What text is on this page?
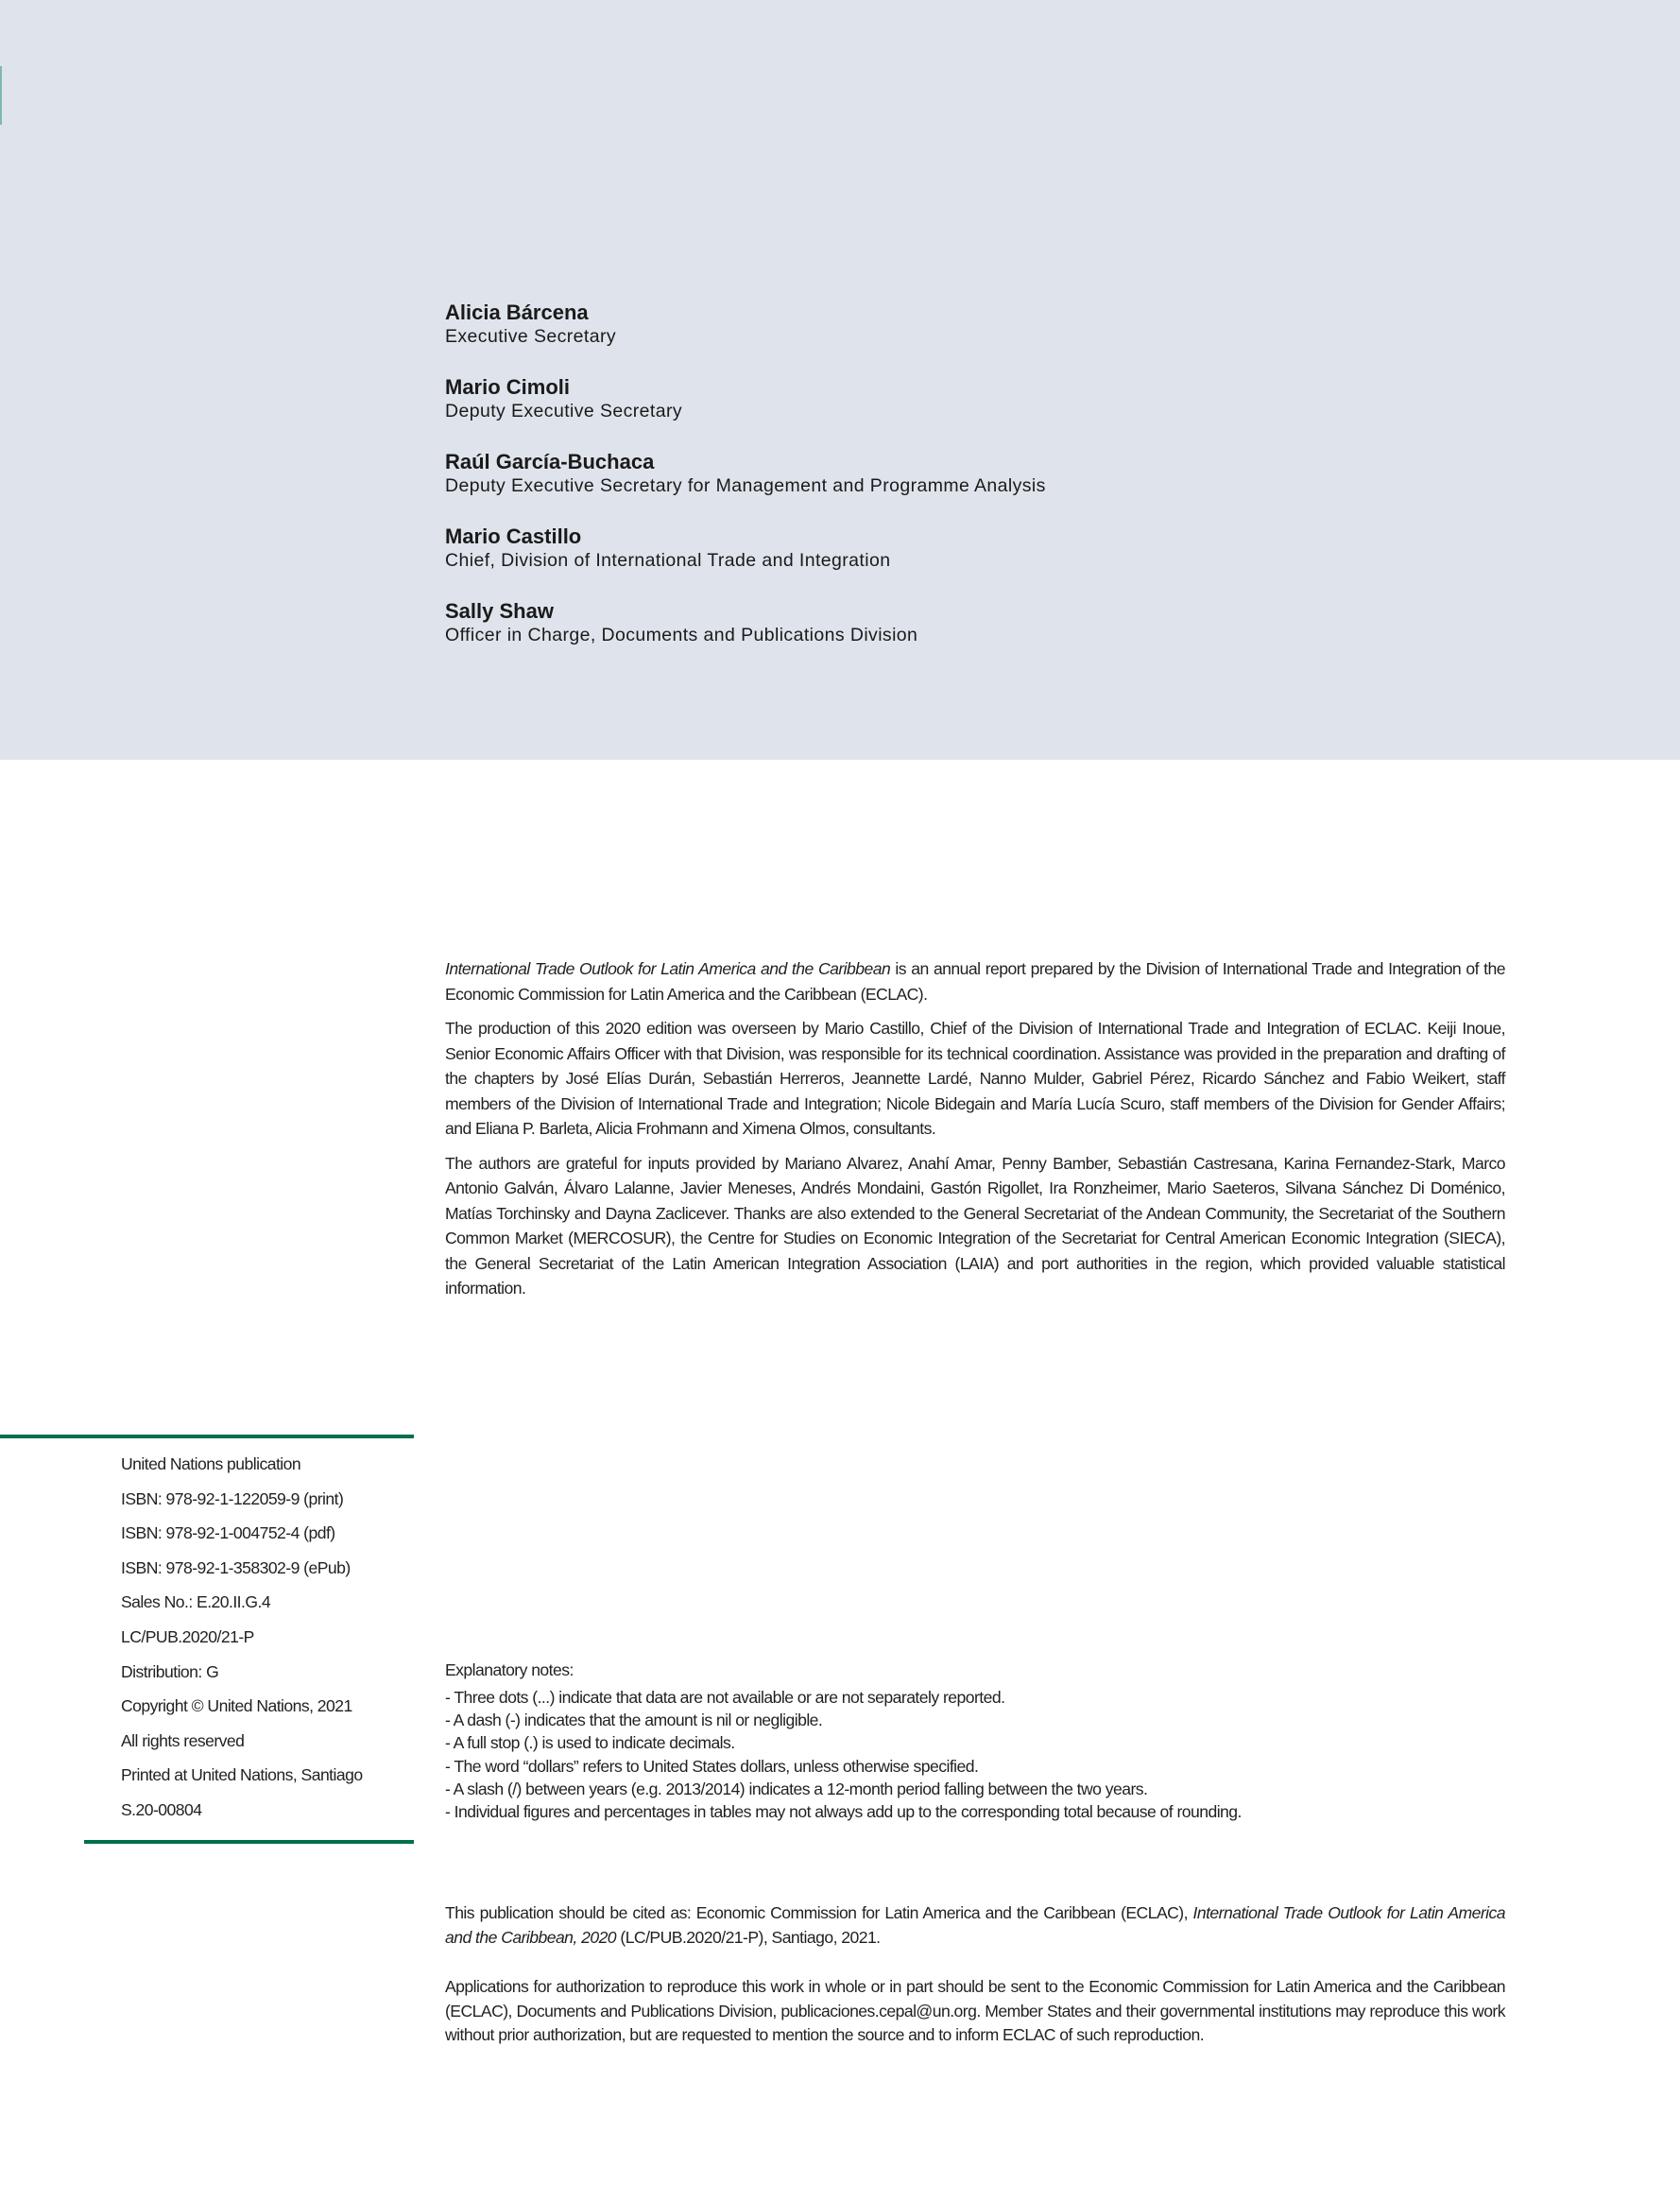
Alicia Bárcena
Executive Secretary
Mario Cimoli
Deputy Executive Secretary
Raúl García-Buchaca
Deputy Executive Secretary for Management and Programme Analysis
Mario Castillo
Chief, Division of International Trade and Integration
Sally Shaw
Officer in Charge, Documents and Publications Division

International Trade Outlook for Latin America and the Caribbean is an annual report prepared by the Division of International Trade and Integration of the Economic Commission for Latin America and the Caribbean (ECLAC).

The production of this 2020 edition was overseen by Mario Castillo, Chief of the Division of International Trade and Integration of ECLAC. Keiji Inoue, Senior Economic Affairs Officer with that Division, was responsible for its technical coordination. Assistance was provided in the preparation and drafting of the chapters by José Elías Durán, Sebastián Herreros, Jeannette Lardé, Nanno Mulder, Gabriel Pérez, Ricardo Sánchez and Fabio Weikert, staff members of the Division of International Trade and Integration; Nicole Bidegain and María Lucía Scuro, staff members of the Division for Gender Affairs; and Eliana P. Barleta, Alicia Frohmann and Ximena Olmos, consultants.

The authors are grateful for inputs provided by Mariano Alvarez, Anahí Amar, Penny Bamber, Sebastián Castresana, Karina Fernandez-Stark, Marco Antonio Galván, Álvaro Lalanne, Javier Meneses, Andrés Mondaini, Gastón Rigollet, Ira Ronzheimer, Mario Saeteros, Silvana Sánchez Di Doménico, Matías Torchinsky and Dayna Zaclicever. Thanks are also extended to the General Secretariat of the Andean Community, the Secretariat of the Southern Common Market (MERCOSUR), the Centre for Studies on Economic Integration of the Secretariat for Central American Economic Integration (SIECA), the General Secretariat of the Latin American Integration Association (LAIA) and port authorities in the region, which provided valuable statistical information.

United Nations publication
ISBN: 978-92-1-122059-9 (print)
ISBN: 978-92-1-004752-4 (pdf)
ISBN: 978-92-1-358302-9 (ePub)
Sales No.: E.20.II.G.4
LC/PUB.2020/21-P
Distribution: G
Copyright © United Nations, 2021
All rights reserved
Printed at United Nations, Santiago
S.20-00804
Explanatory notes:
- Three dots (...) indicate that data are not available or are not separately reported.
- A dash (-) indicates that the amount is nil or negligible.
- A full stop (.) is used to indicate decimals.
- The word “dollars” refers to United States dollars, unless otherwise specified.
- A slash (/) between years (e.g. 2013/2014) indicates a 12-month period falling between the two years.
- Individual figures and percentages in tables may not always add up to the corresponding total because of rounding.
This publication should be cited as: Economic Commission for Latin America and the Caribbean (ECLAC), International Trade Outlook for Latin America and the Caribbean, 2020 (LC/PUB.2020/21-P), Santiago, 2021.
Applications for authorization to reproduce this work in whole or in part should be sent to the Economic Commission for Latin America and the Caribbean (ECLAC), Documents and Publications Division, publicaciones.cepal@un.org. Member States and their governmental institutions may reproduce this work without prior authorization, but are requested to mention the source and to inform ECLAC of such reproduction.
